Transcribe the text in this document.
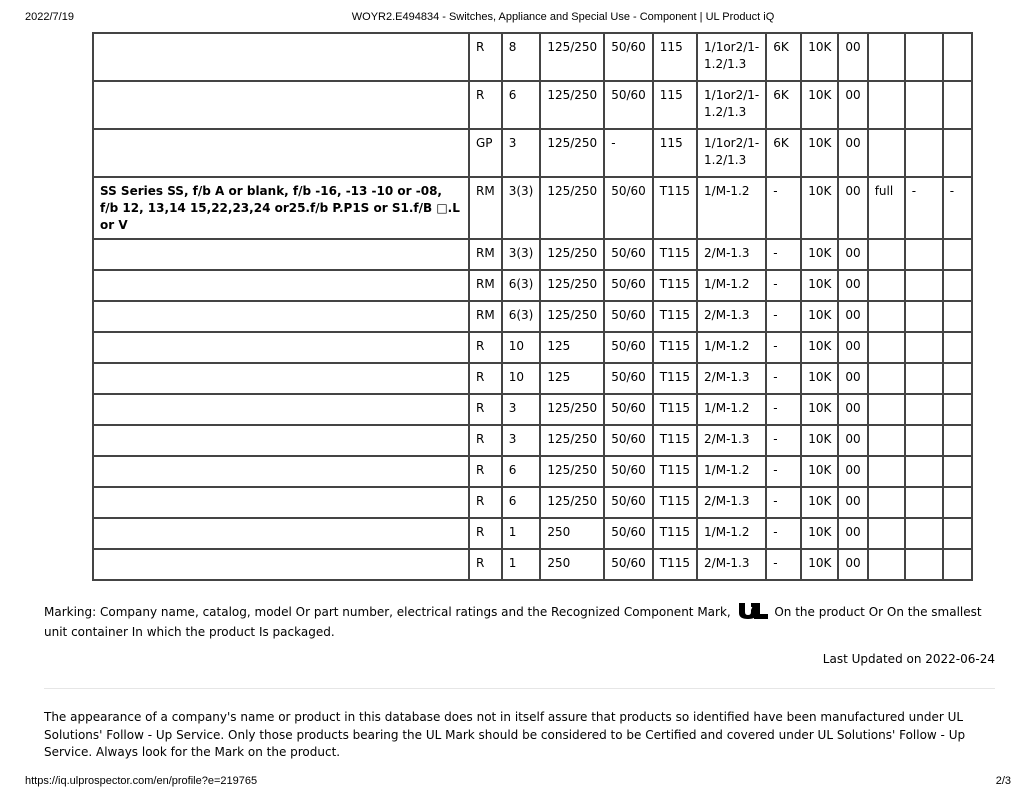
2022/7/19	WOYR2.E494834 - Switches, Appliance and Special Use - Component | UL Product iQ
	R	8	125/250	50/60	115	1/1or2/1-1.2/1.3	6K	10K	00			
	R	6	125/250	50/60	115	1/1or2/1-1.2/1.3	6K	10K	00			
	GP	3	125/250	-	115	1/1or2/1-1.2/1.3	6K	10K	00			
SS Series SS, f/b A or blank, f/b -16, -13 -10 or -08, f/b 12, 13,14 15,22,23,24 or25.f/b P.P1S or S1.f/B □.L or V	RM	3(3)	125/250	50/60	T115	1/M-1.2	-	10K	00	full	-	-
	RM	3(3)	125/250	50/60	T115	2/M-1.3	-	10K	00			
	RM	6(3)	125/250	50/60	T115	1/M-1.2	-	10K	00			
	RM	6(3)	125/250	50/60	T115	2/M-1.3	-	10K	00			
	R	10	125	50/60	T115	1/M-1.2	-	10K	00			
	R	10	125	50/60	T115	2/M-1.3	-	10K	00			
	R	3	125/250	50/60	T115	1/M-1.2	-	10K	00			
	R	3	125/250	50/60	T115	2/M-1.3	-	10K	00			
	R	6	125/250	50/60	T115	1/M-1.2	-	10K	00			
	R	6	125/250	50/60	T115	2/M-1.3	-	10K	00			
	R	1	250	50/60	T115	1/M-1.2	-	10K	00			
	R	1	250	50/60	T115	2/M-1.3	-	10K	00			
Marking: Company name, catalog, model Or part number, electrical ratings and the Recognized Component Mark,	On the product Or On the smallest unit container In which the product Is packaged.
Last Updated on 2022-06-24
The appearance of a company's name or product in this database does not in itself assure that products so identified have been manufactured under UL Solutions' Follow - Up Service. Only those products bearing the UL Mark should be considered to be Certified and covered under UL Solutions' Follow - Up Service. Always look for the Mark on the product.
https://iq.ulprospector.com/en/profile?e=219765	2/3
